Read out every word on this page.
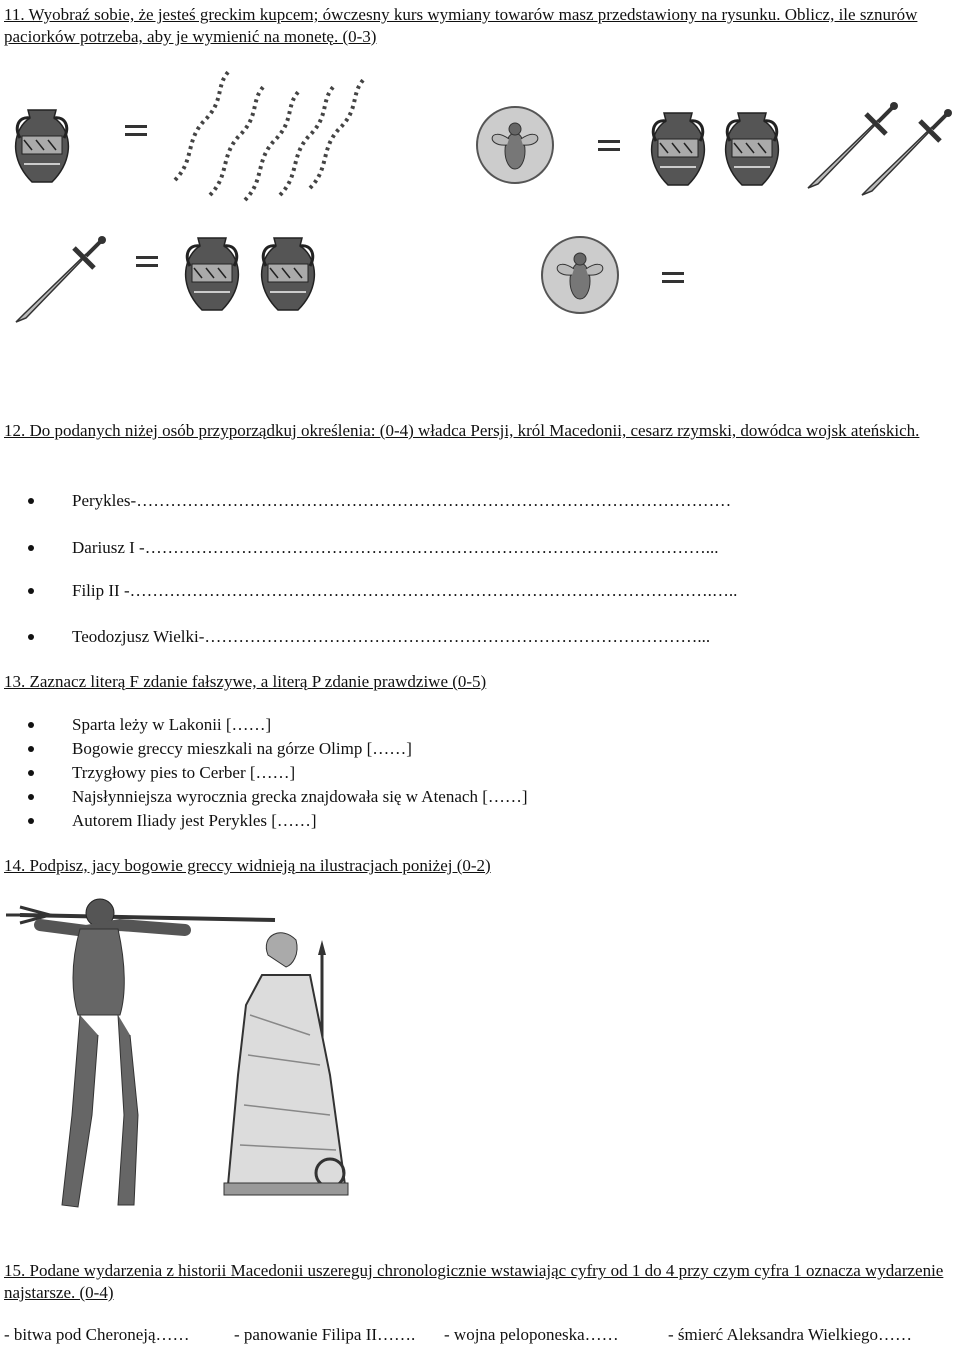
11. Wyobraź sobie, że jesteś greckim kupcem; ówczesny kurs wymiany towarów masz przedstawiony na rysunku. Oblicz, ile sznurów paciorków potrzeba, aby je wymienić na monetę. (0-3)
12. Do podanych niżej osób przyporządkuj określenia: (0-4) władca Persji, król Macedonii, cesarz rzymski, dowódca wojsk ateńskich.
Perykles-……………………………………………………………………………………………
Dariusz I -………………………………………………………………………………………...
Filip II -………………………………………………………………………………………….…..
Teodozjusz Wielki-……………………………………………………………………………...
13. Zaznacz literą F zdanie fałszywe, a literą P zdanie prawdziwe (0-5)
Sparta leży w Lakonii [……]
Bogowie greccy mieszkali na górze Olimp [……]
Trzygłowy pies to Cerber [……]
Najsłynniejsza wyrocznia grecka znajdowała się w Atenach [……]
Autorem Iliady jest Perykles [……]
14. Podpisz, jacy bogowie greccy widnieją na ilustracjach poniżej (0-2)
15. Podane wydarzenia z historii Macedonii uszereguj chronologicznie wstawiając cyfry od 1 do 4 przy czym cyfra 1 oznacza wydarzenie najstarsze. (0-4)
- bitwa pod Cheroneją……	- panowanie Filipa II……. - wojna peloponeska……	- śmierć Aleksandra Wielkiego……
